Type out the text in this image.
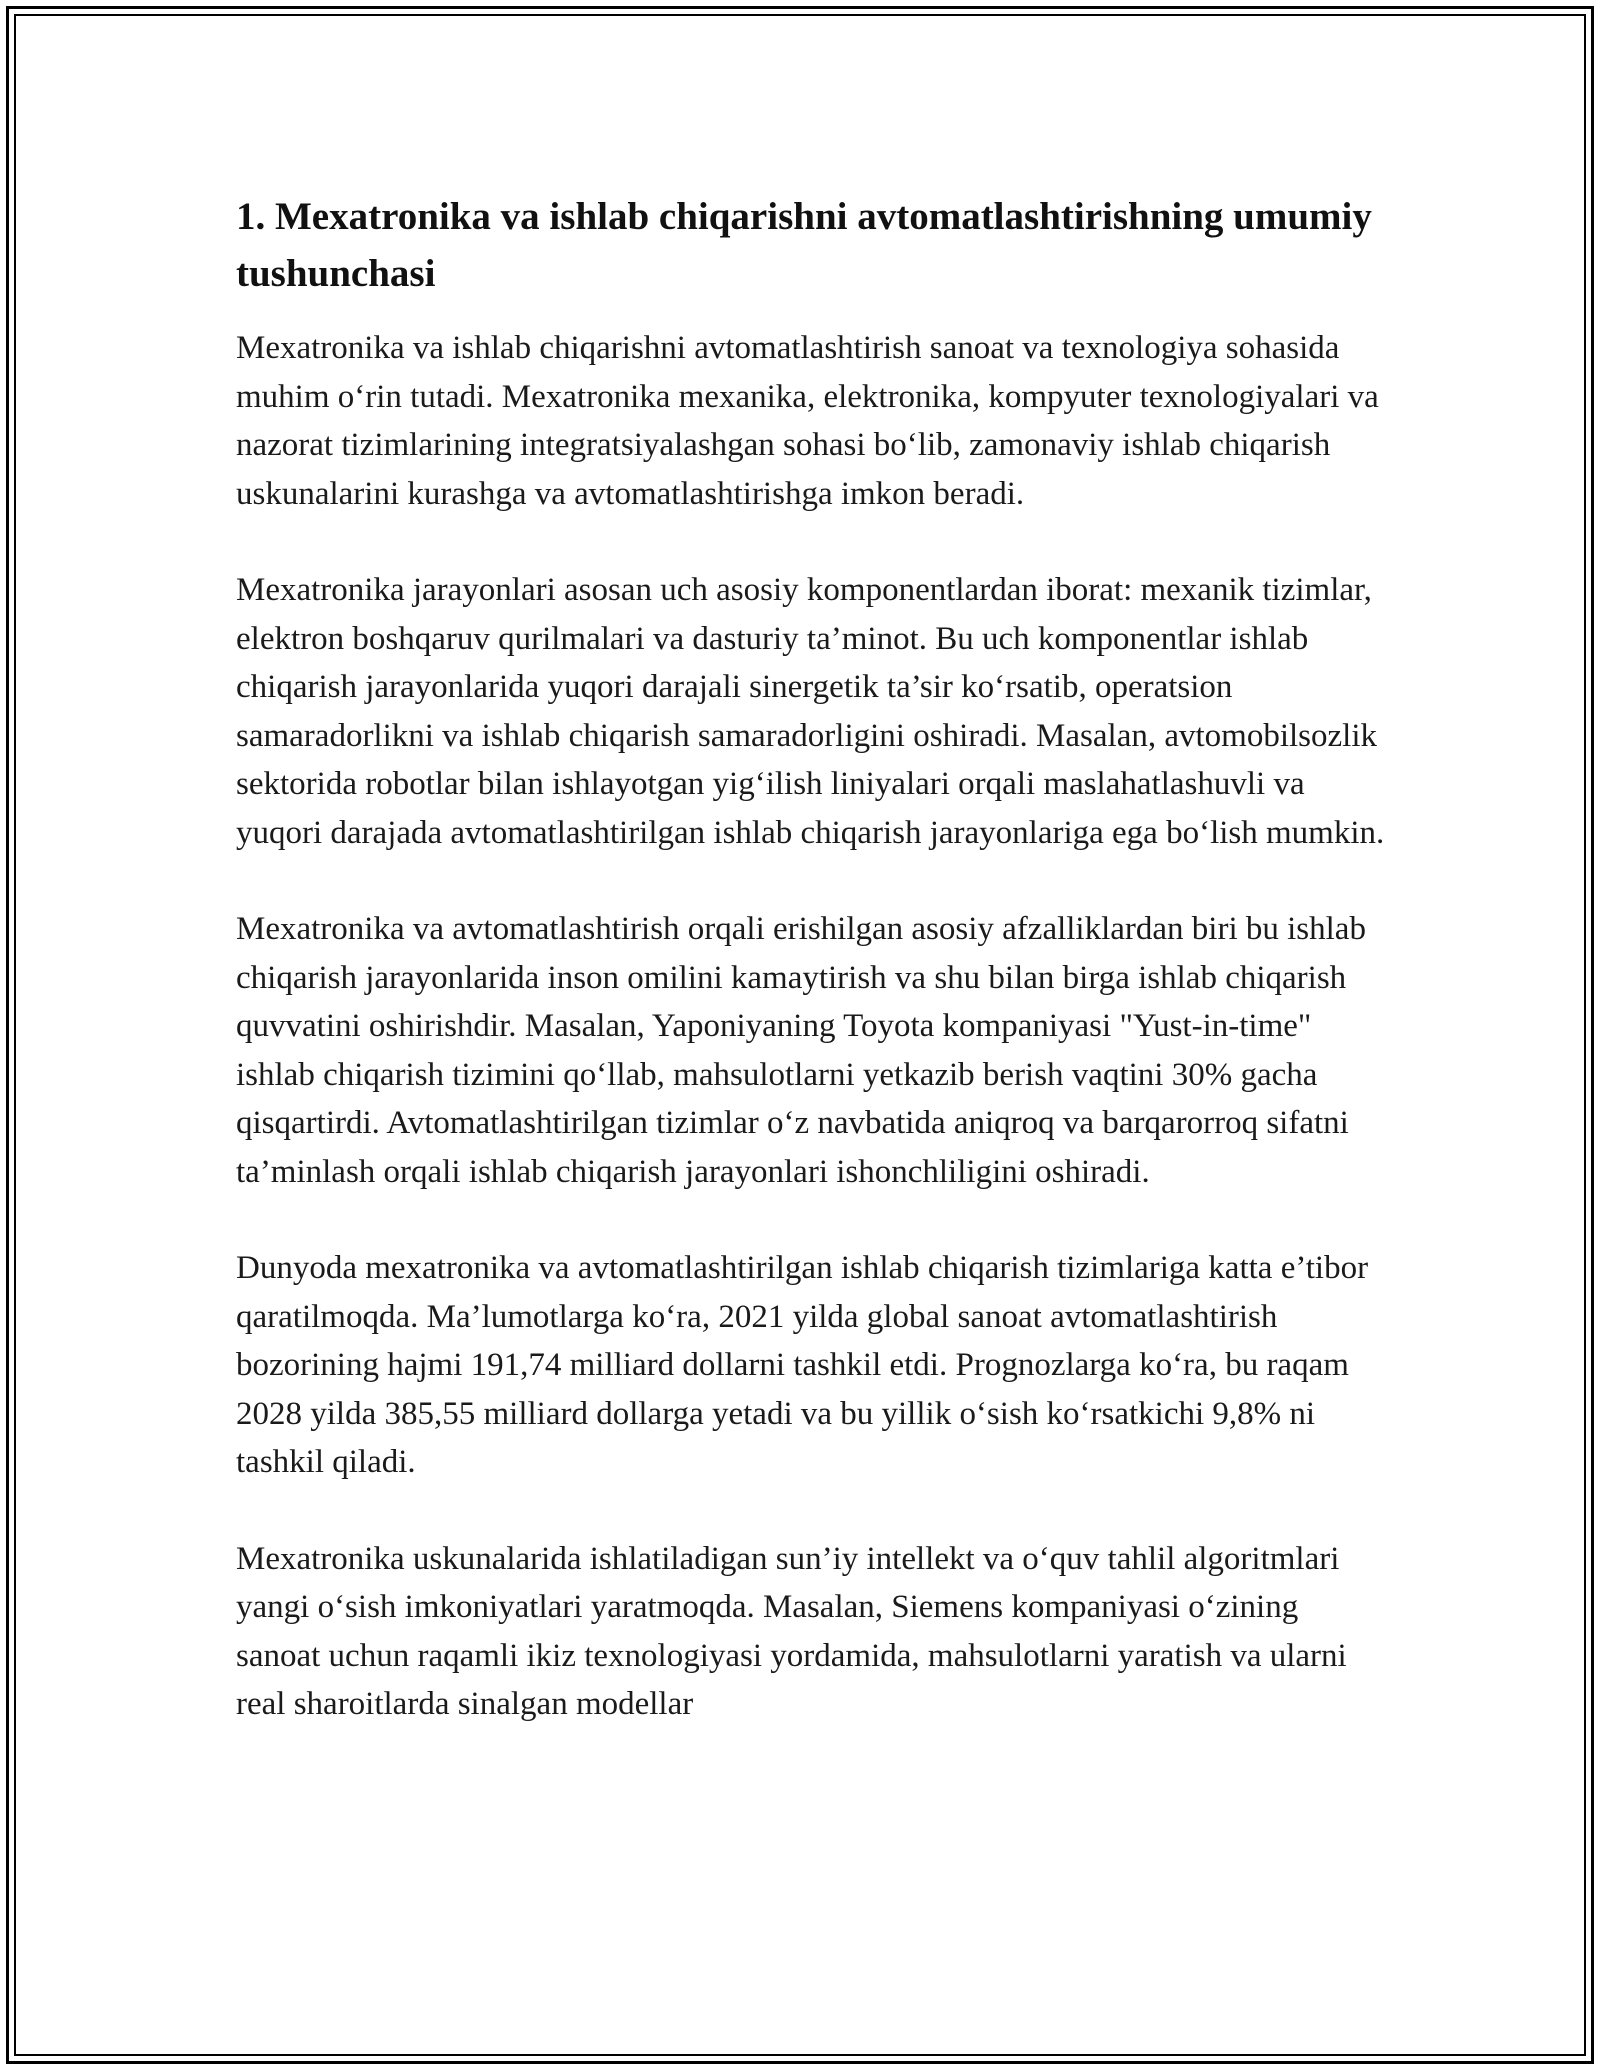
1. Mexatronika va ishlab chiqarishni avtomatlashtirishning umumiy tushunchasi

Mexatronika va ishlab chiqarishni avtomatlashtirish sanoat va texnologiya sohasida muhim o‘rin tutadi. Mexatronika mexanika, elektronika, kompyuter texnologiyalari va nazorat tizimlarining integratsiyalashgan sohasi bo‘lib, zamonaviy ishlab chiqarish uskunalarini kurashga va avtomatlashtirishga imkon beradi.

Mexatronika jarayonlari asosan uch asosiy komponentlardan iborat: mexanik tizimlar, elektron boshqaruv qurilmalari va dasturiy ta’minot. Bu uch komponentlar ishlab chiqarish jarayonlarida yuqori darajali sinergetik ta’sir ko‘rsatib, operatsion samaradorlikni va ishlab chiqarish samaradorligini oshiradi. Masalan, avtomobilsozlik sektorida robotlar bilan ishlayotgan yig‘ilish liniyalari orqali maslahatlashuvli va yuqori darajada avtomatlashtirilgan ishlab chiqarish jarayonlariga ega bo‘lish mumkin.

Mexatronika va avtomatlashtirish orqali erishilgan asosiy afzalliklardan biri bu ishlab chiqarish jarayonlarida inson omilini kamaytirish va shu bilan birga ishlab chiqarish quvvatini oshirishdir. Masalan, Yaponiyaning Toyota kompaniyasi "Yust-in-time" ishlab chiqarish tizimini qo‘llab, mahsulotlarni yetkazib berish vaqtini 30% gacha qisqartirdi. Avtomatlashtirilgan tizimlar o‘z navbatida aniqroq va barqarorroq sifatni ta’minlash orqali ishlab chiqarish jarayonlari ishonchliligini oshiradi.

Dunyoda mexatronika va avtomatlashtirilgan ishlab chiqarish tizimlariga katta e’tibor qaratilmoqda. Ma’lumotlarga ko‘ra, 2021 yilda global sanoat avtomatlashtirish bozorining hajmi 191,74 milliard dollarni tashkil etdi. Prognozlarga ko‘ra, bu raqam 2028 yilda 385,55 milliard dollarga yetadi va bu yillik o‘sish ko‘rsatkichi 9,8% ni tashkil qiladi.

Mexatronika uskunalarida ishlatiladigan sun’iy intellekt va o‘quv tahlil algoritmlari yangi o‘sish imkoniyatlari yaratmoqda. Masalan, Siemens kompaniyasi o‘zining sanoat uchun raqamli ikiz texnologiyasi yordamida, mahsulotlarni yaratish va ularni real sharoitlarda sinalgan modellar
